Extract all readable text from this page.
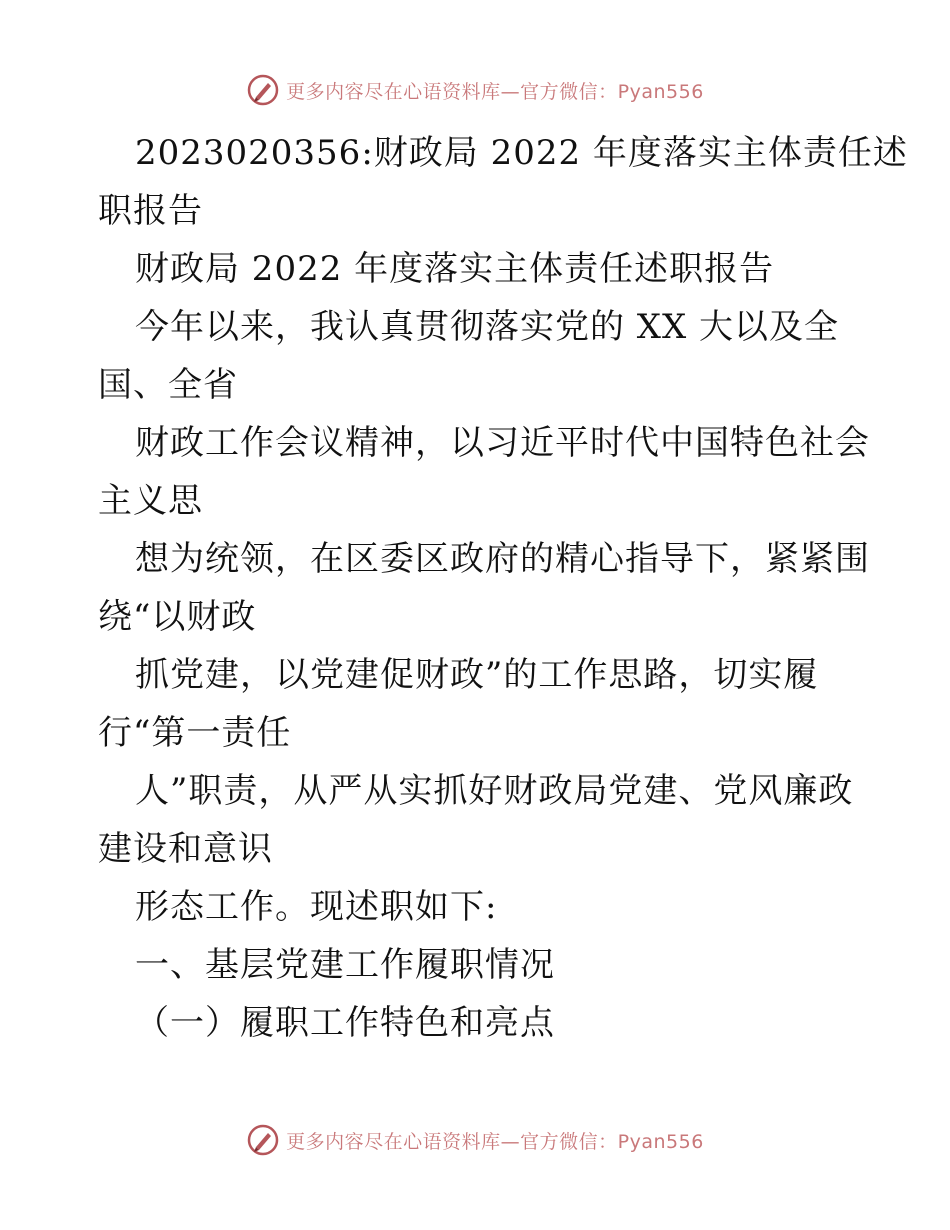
更多内容尽在心语资料库—官方微信：Pyan556
2023020356:财政局 2022 年度落实主体责任述
职报告
财政局 2022 年度落实主体责任述职报告
今年以来，我认真贯彻落实党的 XX 大以及全
国、全省
财政工作会议精神，以习近平时代中国特色社会
主义思
想为统领，在区委区政府的精心指导下，紧紧围
绕“以财政
抓党建，以党建促财政”的工作思路，切实履
行“第一责任
人”职责，从严从实抓好财政局党建、党风廉政
建设和意识
形态工作。现述职如下:
一、基层党建工作履职情况
（一）履职工作特色和亮点
更多内容尽在心语资料库—官方微信：Pyan556
